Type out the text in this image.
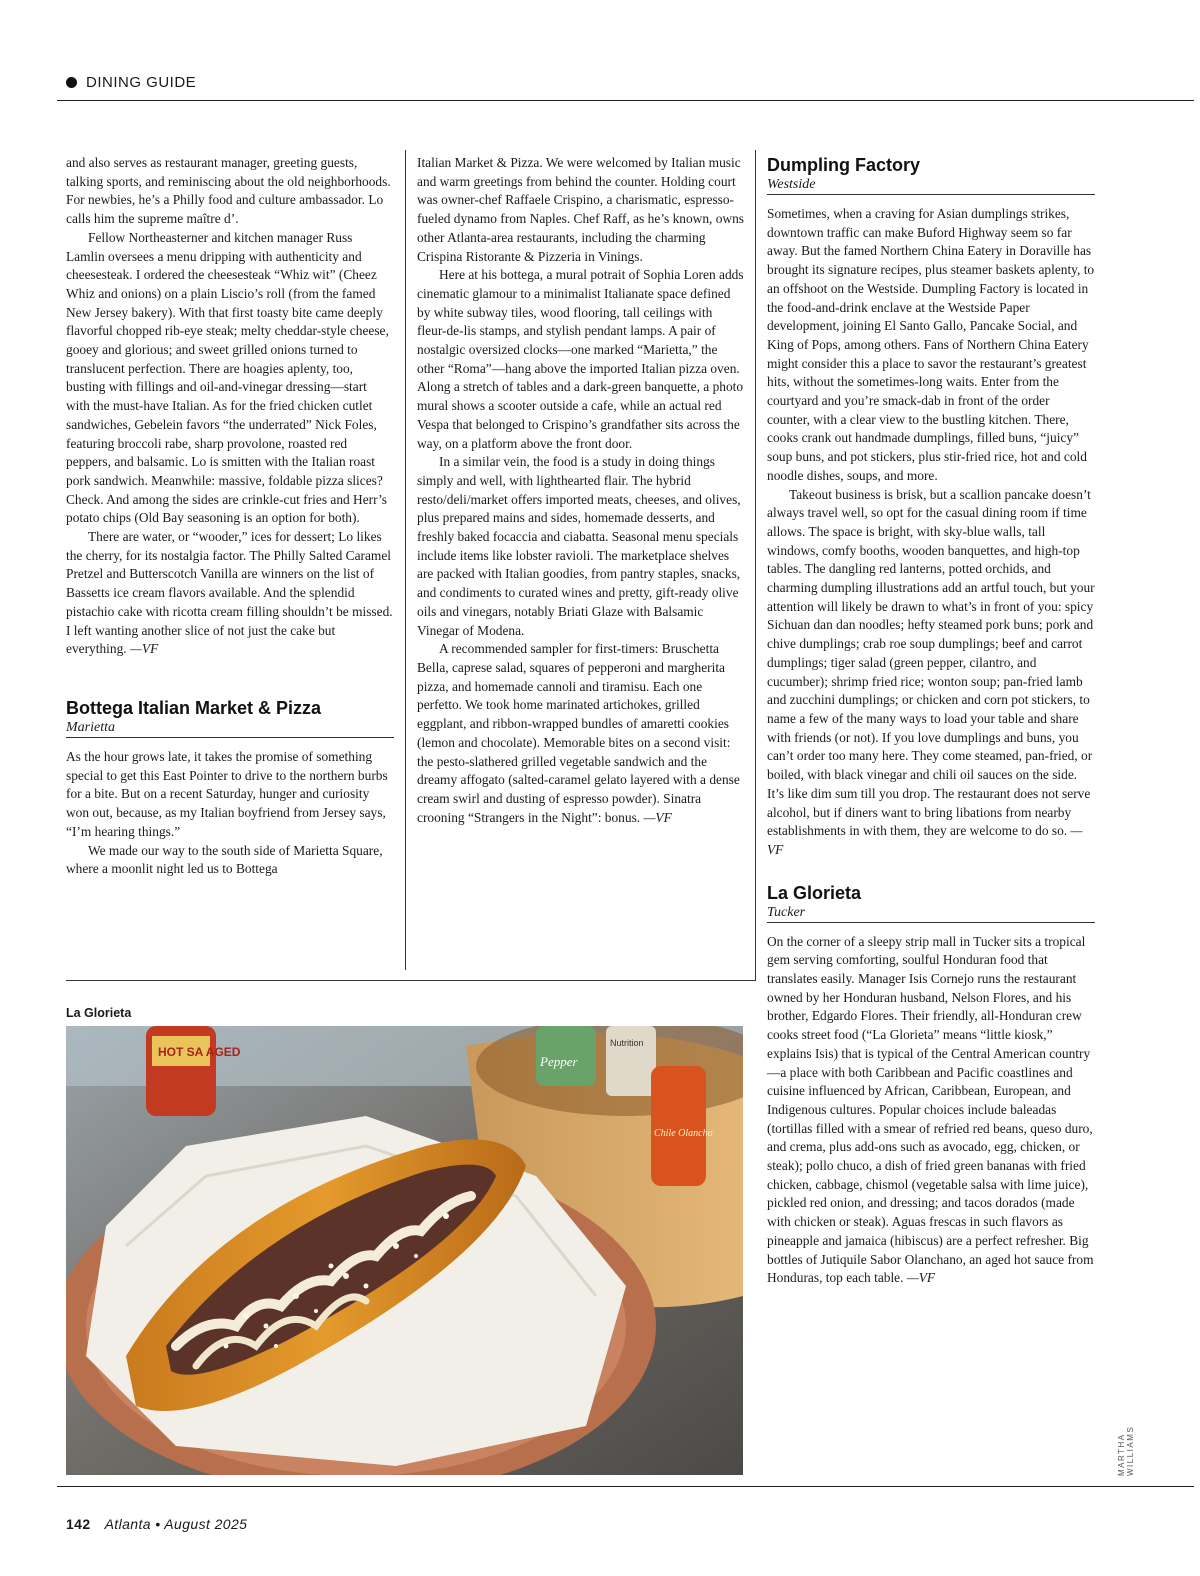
DINING GUIDE

and also serves as restaurant manager, greeting guests, talking sports, and reminiscing about the old neighborhoods. For newbies, he’s a Philly food and culture ambassador. Lo calls him the supreme maître d’.

Fellow Northeasterner and kitchen manager Russ Lamlin oversees a menu dripping with authenticity and cheesesteak. I ordered the cheesesteak “Whiz wit” (Cheez Whiz and onions) on a plain Liscio’s roll (from the famed New Jersey bakery). With that first toasty bite came deeply flavorful chopped rib-eye steak; melty cheddar-style cheese, gooey and glorious; and sweet grilled onions turned to translucent perfection. There are hoagies aplenty, too, busting with fillings and oil-and-vinegar dressing—start with the must-have Italian. As for the fried chicken cutlet sandwiches, Gebelein favors “the underrated” Nick Foles, featuring broccoli rabe, sharp provolone, roasted red peppers, and balsamic. Lo is smitten with the Italian roast pork sandwich. Meanwhile: massive, foldable pizza slices? Check. And among the sides are crinkle-cut fries and Herr’s potato chips (Old Bay seasoning is an option for both).

There are water, or “wooder,” ices for dessert; Lo likes the cherry, for its nostalgia factor. The Philly Salted Caramel Pretzel and Butterscotch Vanilla are winners on the list of Bassetts ice cream flavors available. And the splendid pistachio cake with ricotta cream filling shouldn’t be missed. I left wanting another slice of not just the cake but everything. —VF

Bottega Italian Market & Pizza

Marietta

As the hour grows late, it takes the promise of something special to get this East Pointer to drive to the northern burbs for a bite. But on a recent Saturday, hunger and curiosity won out, because, as my Italian boyfriend from Jersey says, “I’m hearing things.”

We made our way to the south side of Marietta Square, where a moonlit night led us to Bottega

Italian Market & Pizza. We were welcomed by Italian music and warm greetings from behind the counter. Holding court was owner-chef Raffaele Crispino, a charismatic, espresso-fueled dynamo from Naples. Chef Raff, as he’s known, owns other Atlanta-area restaurants, including the charming Crispina Ristorante & Pizzeria in Vinings.

Here at his bottega, a mural potrait of Sophia Loren adds cinematic glamour to a minimalist Italianate space defined by white subway tiles, wood flooring, tall ceilings with fleur-de-lis stamps, and stylish pendant lamps. A pair of nostalgic oversized clocks—one marked “Marietta,” the other “Roma”—hang above the imported Italian pizza oven. Along a stretch of tables and a dark-green banquette, a photo mural shows a scooter outside a cafe, while an actual red Vespa that belonged to Crispino’s grandfather sits across the way, on a platform above the front door.

In a similar vein, the food is a study in doing things simply and well, with lighthearted flair. The hybrid resto/deli/market offers imported meats, cheeses, and olives, plus prepared mains and sides, homemade desserts, and freshly baked focaccia and ciabatta. Seasonal menu specials include items like lobster ravioli. The marketplace shelves are packed with Italian goodies, from pantry staples, snacks, and condiments to curated wines and pretty, gift-ready olive oils and vinegars, notably Briati Glaze with Balsamic Vinegar of Modena.

A recommended sampler for first-timers: Bruschetta Bella, caprese salad, squares of pepperoni and margherita pizza, and homemade cannoli and tiramisu. Each one perfetto. We took home marinated artichokes, grilled eggplant, and ribbon-wrapped bundles of amaretti cookies (lemon and chocolate). Memorable bites on a second visit: the pesto-slathered grilled vegetable sandwich and the dreamy affogato (salted-caramel gelato layered with a dense cream swirl and dusting of espresso powder). Sinatra crooning “Strangers in the Night”: bonus. —VF

Dumpling Factory

Westside

Sometimes, when a craving for Asian dumplings strikes, downtown traffic can make Buford Highway seem so far away. But the famed Northern China Eatery in Doraville has brought its signature recipes, plus steamer baskets aplenty, to an offshoot on the Westside. Dumpling Factory is located in the food-and-drink enclave at the Westside Paper development, joining El Santo Gallo, Pancake Social, and King of Pops, among others. Fans of Northern China Eatery might consider this a place to savor the restaurant’s greatest hits, without the sometimes-long waits. Enter from the courtyard and you’re smack-dab in front of the order counter, with a clear view to the bustling kitchen. There, cooks crank out handmade dumplings, filled buns, “juicy” soup buns, and pot stickers, plus stir-fried rice, hot and cold noodle dishes, soups, and more.

Takeout business is brisk, but a scallion pancake doesn’t always travel well, so opt for the casual dining room if time allows. The space is bright, with sky-blue walls, tall windows, comfy booths, wooden banquettes, and high-top tables. The dangling red lanterns, potted orchids, and charming dumpling illustrations add an artful touch, but your attention will likely be drawn to what’s in front of you: spicy Sichuan dan dan noodles; hefty steamed pork buns; pork and chive dumplings; crab roe soup dumplings; beef and carrot dumplings; tiger salad (green pepper, cilantro, and cucumber); shrimp fried rice; wonton soup; pan-fried lamb and zucchini dumplings; or chicken and corn pot stickers, to name a few of the many ways to load your table and share with friends (or not). If you love dumplings and buns, you can’t order too many here. They come steamed, pan-fried, or boiled, with black vinegar and chili oil sauces on the side. It’s like dim sum till you drop. The restaurant does not serve alcohol, but if diners want to bring libations from nearby establishments in with them, they are welcome to do so. —VF

La Glorieta

Tucker

On the corner of a sleepy strip mall in Tucker sits a tropical gem serving comforting, soulful Honduran food that translates easily. Manager Isis Cornejo runs the restaurant owned by her Honduran husband, Nelson Flores, and his brother, Edgardo Flores. Their friendly, all-Honduran crew cooks street food (“La Glorieta” means “little kiosk,” explains Isis) that is typical of the Central American country—a place with both Caribbean and Pacific coastlines and cuisine influenced by African, Caribbean, European, and Indigenous cultures. Popular choices include baleadas (tortillas filled with a smear of refried red beans, queso duro, and crema, plus add-ons such as avocado, egg, chicken, or steak); pollo chuco, a dish of fried green bananas with fried chicken, cabbage, chismol (vegetable salsa with lime juice), pickled red onion, and dressing; and tacos dorados (made with chicken or steak). Aguas frescas in such flavors as pineapple and jamaica (hibiscus) are a perfect refresher. Big bottles of Jutiquile Sabor Olanchano, an aged hot sauce from Honduras, top each table. —VF

La Glorieta
HOT SA AGED
Pepper
Nutrition
Chile Olancho
MARTHA WILLIAMS
142 Atlanta • August 2025
